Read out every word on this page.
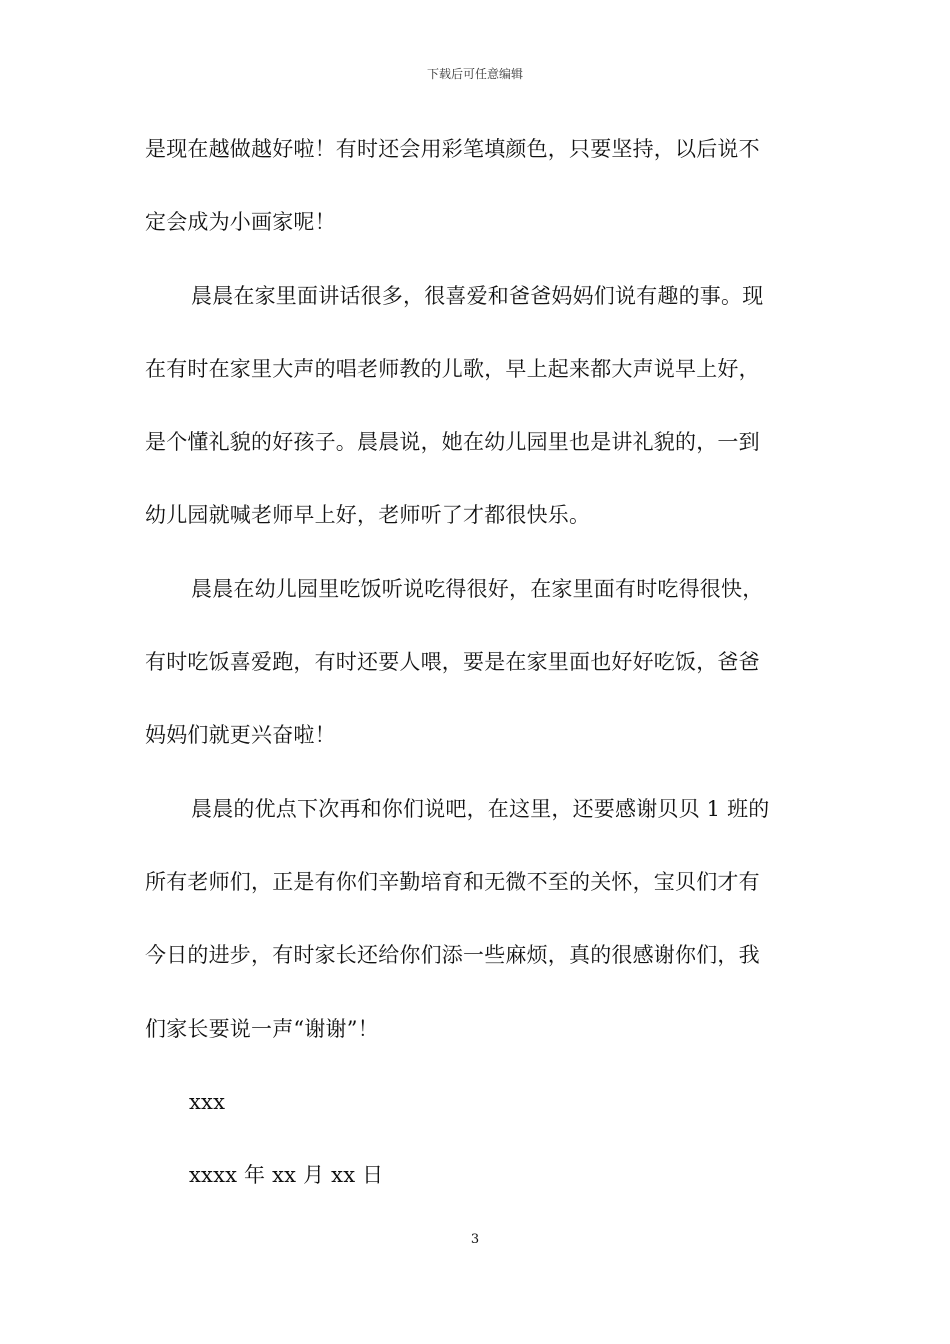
下载后可任意编辑
是现在越做越好啦！有时还会用彩笔填颜色，只要坚持，以后说不
定会成为小画家呢！
晨晨在家里面讲话很多，很喜爱和爸爸妈妈们说有趣的事。现
在有时在家里大声的唱老师教的儿歌，早上起来都大声说早上好，
是个懂礼貌的好孩子。晨晨说，她在幼儿园里也是讲礼貌的，一到
幼儿园就喊老师早上好，老师听了才都很快乐。
晨晨在幼儿园里吃饭听说吃得很好，在家里面有时吃得很快，
有时吃饭喜爱跑，有时还要人喂，要是在家里面也好好吃饭，爸爸
妈妈们就更兴奋啦！
晨晨的优点下次再和你们说吧，在这里，还要感谢贝贝 1 班的
所有老师们，正是有你们辛勤培育和无微不至的关怀，宝贝们才有
今日的进步，有时家长还给你们添一些麻烦，真的很感谢你们，我
们家长要说一声“谢谢”！
xxx
xxxx 年 xx 月 xx 日
3
